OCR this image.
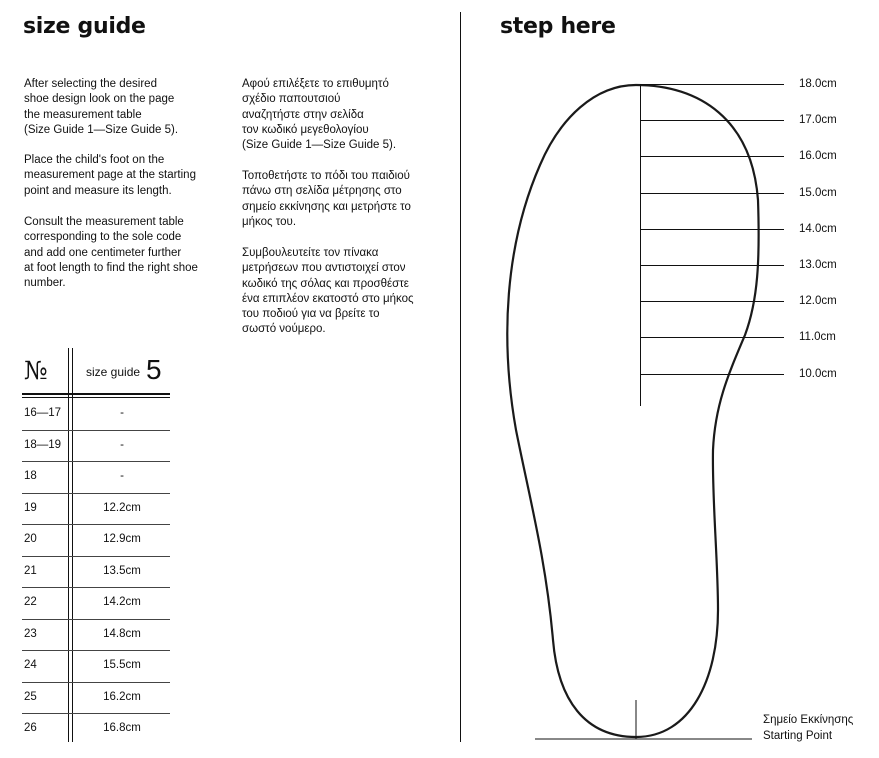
size guide
After selecting the desired
shoe design look on the page
the measurement table
(Size Guide 1—Size Guide 5).
Place the child's foot on the
measurement page at the starting
point and measure its length.
Consult the measurement table
corresponding to the sole code
and add one centimeter further
at foot length to find the right shoe
number.
Αφού επιλέξετε το επιθυμητό
σχέδιο παπουτσιού
αναζητήστε στην σελίδα
τον κωδικό μεγεθολογίου
(Size Guide 1—Size Guide 5).
Τοποθετήστε το πόδι του παιδιού
πάνω στη σελίδα μέτρησης στο
σημείο εκκίνησης και μετρήστε το
μήκος του.
Συμβουλευτείτε τον πίνακα
μετρήσεων που αντιστοιχεί στον
κωδικό της σόλας και προσθέστε
ένα επιπλέον εκατοστό στο μήκος
του ποδιού για να βρείτε το
σωστό νούμερο.
№	size guide 5
16—17	-
18—19	-
18	-
19	12.2cm
20	12.9cm
21	13.5cm
22	14.2cm
23	14.8cm
24	15.5cm
25	16.2cm
26	16.8cm
step here
18.0cm
17.0cm
16.0cm
15.0cm
14.0cm
13.0cm
12.0cm
11.0cm
10.0cm
Σημείο Εκκίνησης
Starting Point
